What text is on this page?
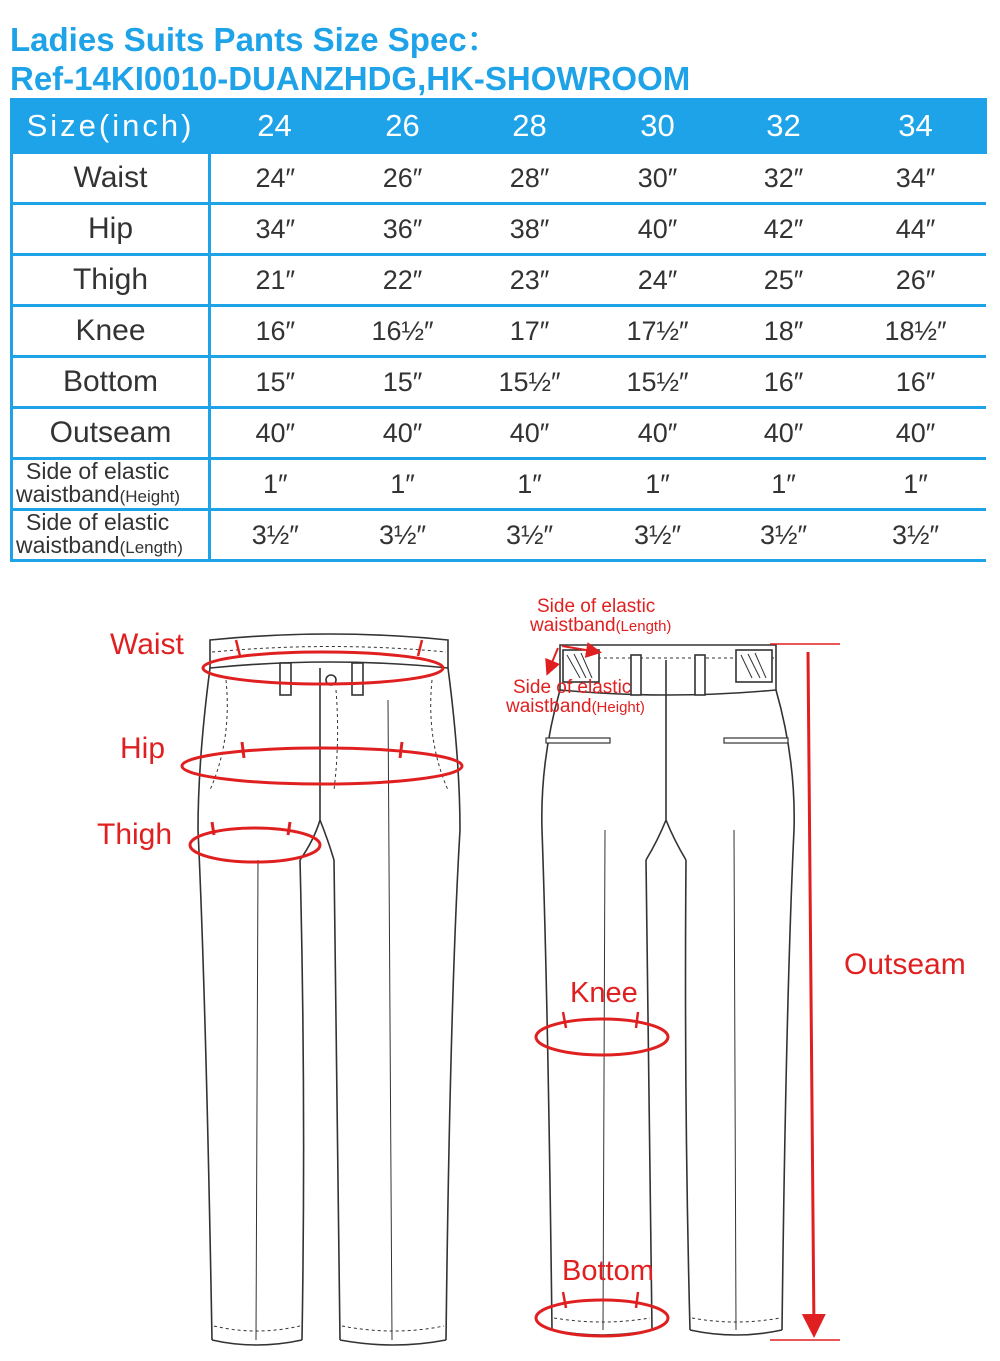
Ladies Suits Pants Size Spec：
Ref-14KI0010-DUANZHDG,HK-SHOWROOM
Size(inch)	24	26	28	30	32	34
Waist	24″	26″	28″	30″	32″	34″
Hip	34″	36″	38″	40″	42″	44″
Thigh	21″	22″	23″	24″	25″	26″
Knee	16″	16½″	17″	17½″	18″	18½″
Bottom	15″	15″	15½″	15½″	16″	16″
Outseam	40″	40″	40″	40″	40″	40″

Side of elastic
waistband(Height)	1″	1″	1″	1″	1″	1″

Side of elastic
waistband(Length)	3½″	3½″	3½″	3½″	3½″	3½″
Waist
Hip
Thigh
Side of elastic
waistband(Length)
Side of elastic
waistband(Height)
Knee
Bottom
Outseam
